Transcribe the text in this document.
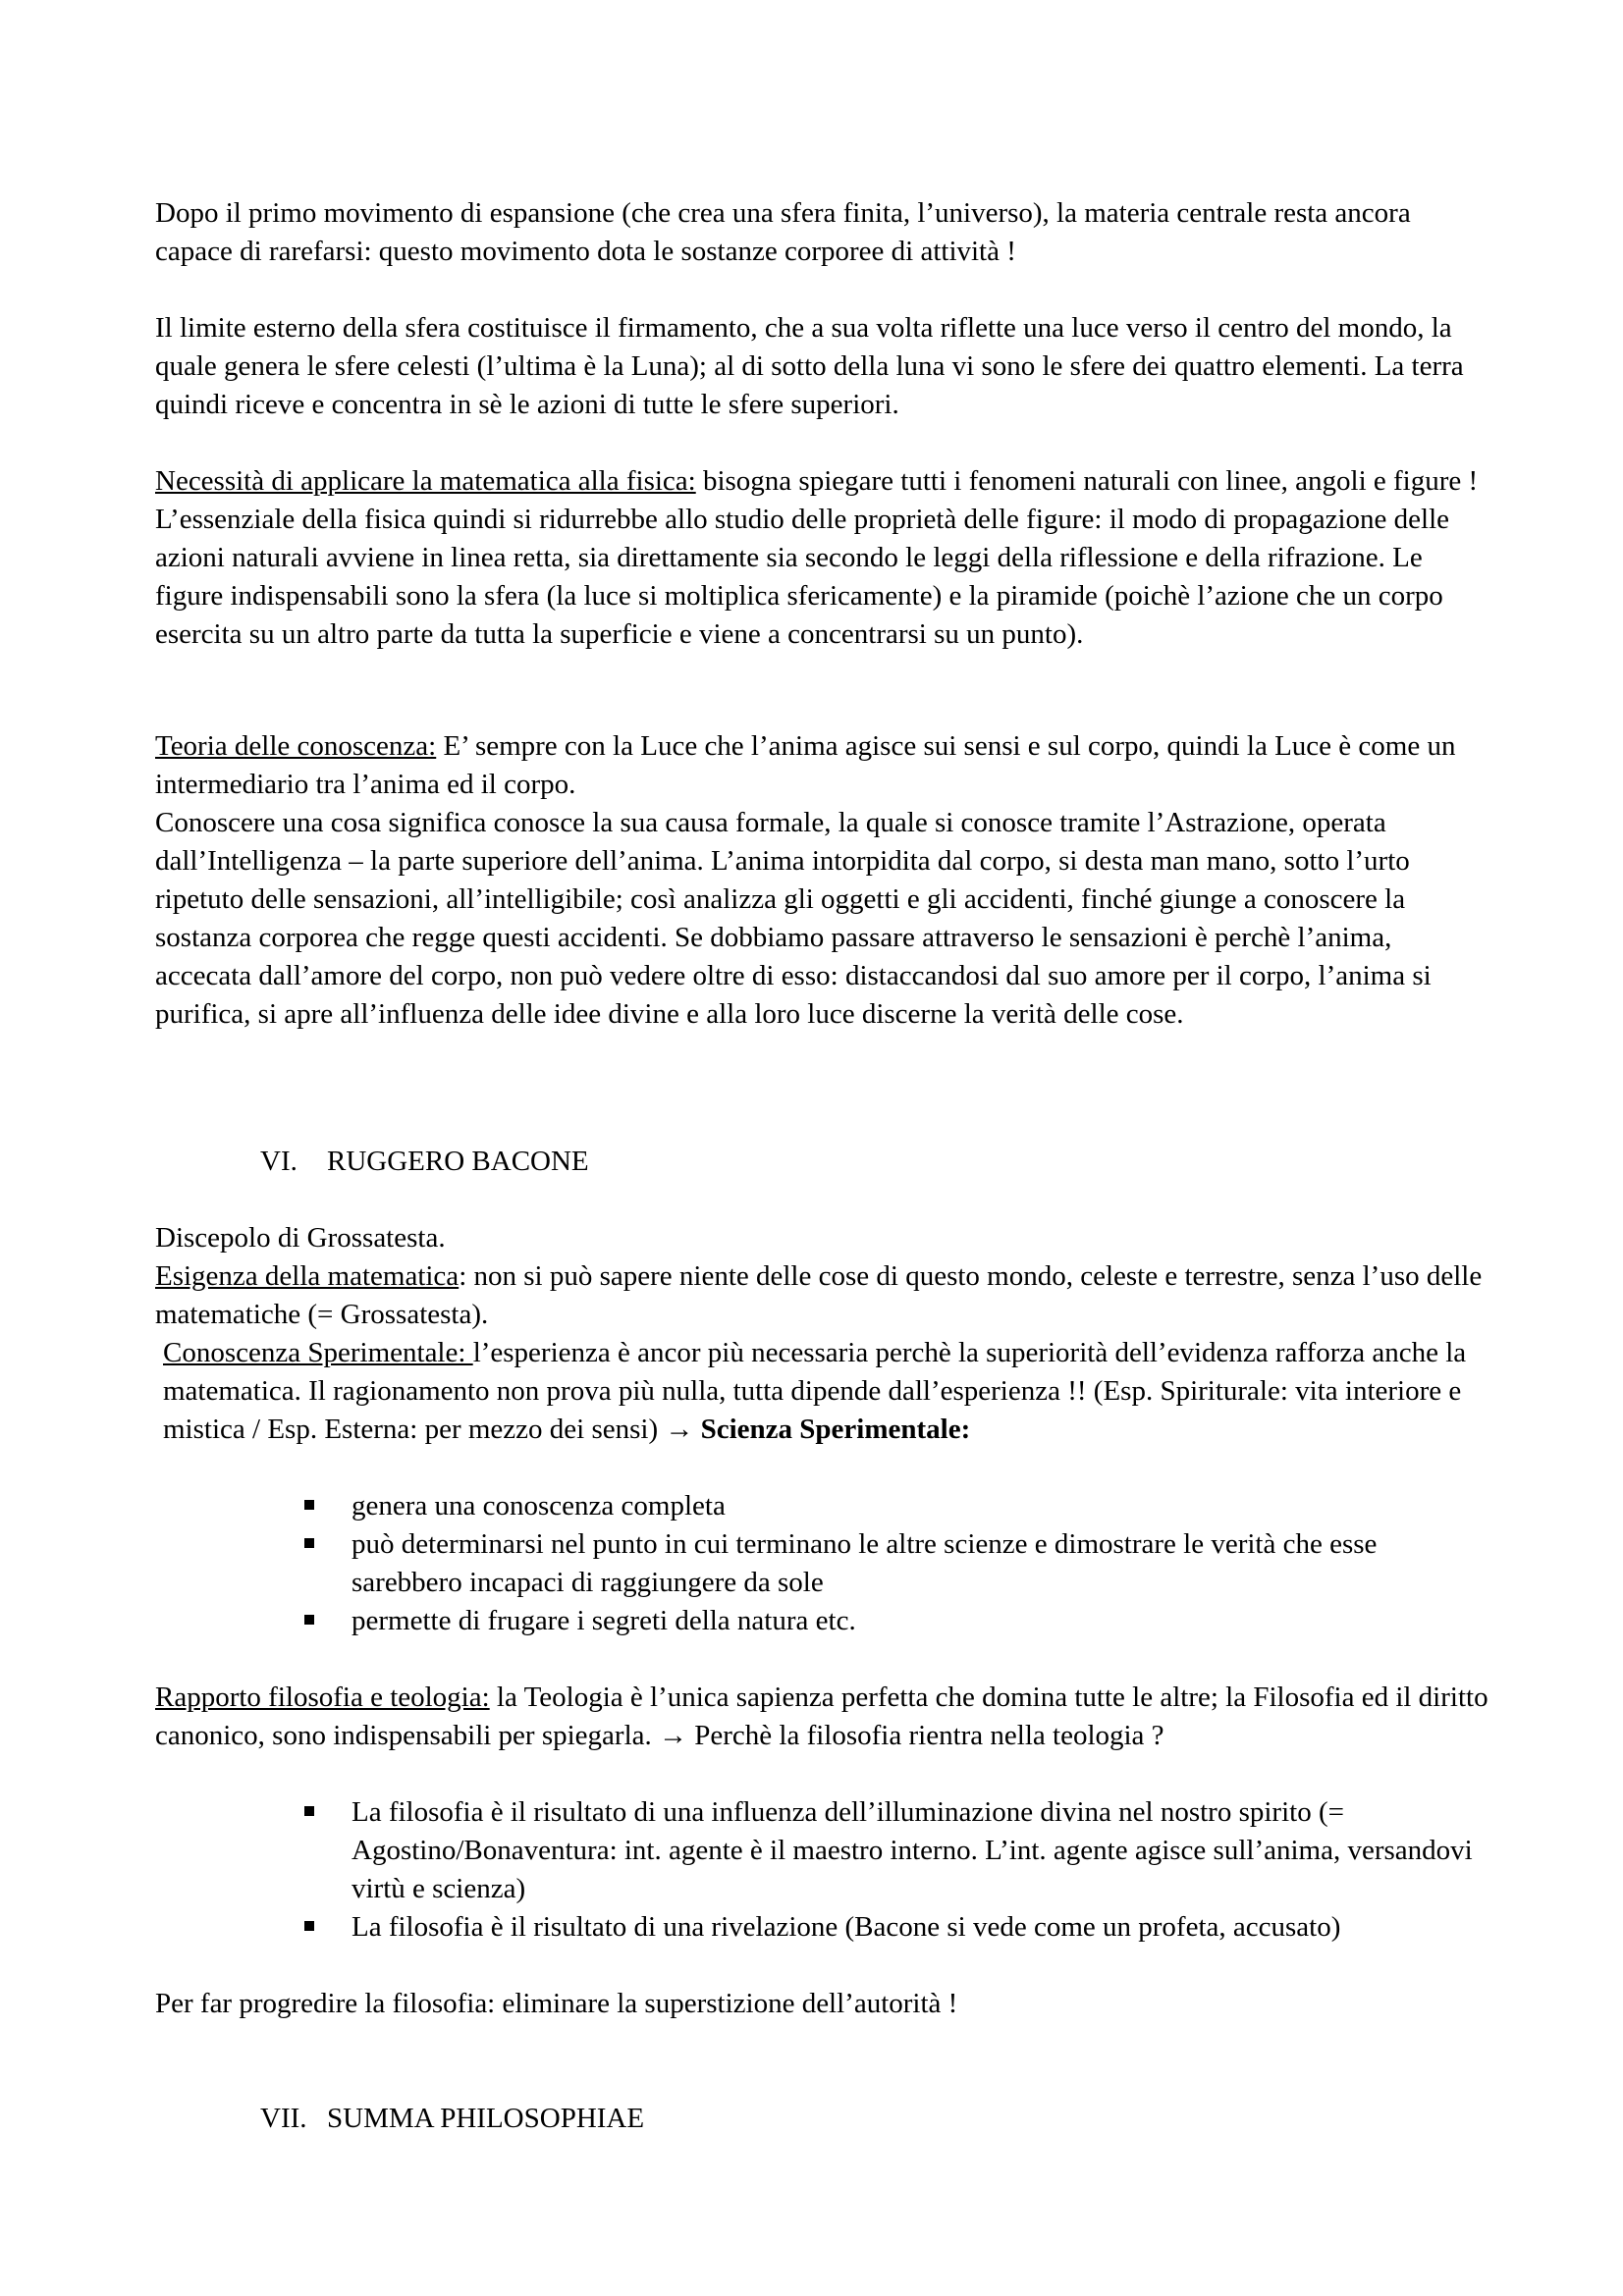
Dopo il primo movimento di espansione (che crea una sfera finita, l’universo), la materia centrale resta ancora capace di rarefarsi: questo movimento dota le sostanze corporee di attività !

Il limite esterno della sfera costituisce il firmamento, che a sua volta riflette una luce verso il centro del mondo, la quale genera le sfere celesti (l’ultima è la Luna); al di sotto della luna vi sono le sfere dei quattro elementi. La terra quindi riceve e concentra in sè le azioni di tutte le sfere superiori.

Necessità di applicare la matematica alla fisica: bisogna spiegare tutti i fenomeni naturali con linee, angoli e figure ! L’essenziale della fisica quindi si ridurrebbe allo studio delle proprietà delle figure: il modo di propagazione delle azioni naturali avviene in linea retta, sia direttamente sia secondo le leggi della riflessione e della rifrazione. Le figure indispensabili sono la sfera (la luce si moltiplica sfericamente) e la piramide (poichè l’azione che un corpo esercita su un altro parte da tutta la superficie e viene a concentrarsi su un punto).

Teoria delle conoscenza: E’ sempre con la Luce che l’anima agisce sui sensi e sul corpo, quindi la Luce è come un intermediario tra l’anima ed il corpo.

Conoscere una cosa significa conosce la sua causa formale, la quale si conosce tramite l’Astrazione, operata dall’Intelligenza – la parte superiore dell’anima. L’anima intorpidita dal corpo, si desta man mano, sotto l’urto ripetuto delle sensazioni, all’intelligibile; così analizza gli oggetti e gli accidenti, finché giunge a conoscere la sostanza corporea che regge questi accidenti. Se dobbiamo passare attraverso le sensazioni è perchè l’anima, accecata dall’amore del corpo, non può vedere oltre di esso: distaccandosi dal suo amore per il corpo, l’anima si purifica, si apre all’influenza delle idee divine e alla loro luce discerne la verità delle cose.

VI. RUGGERO BACONE

Discepolo di Grossatesta.

Esigenza della matematica: non si può sapere niente delle cose di questo mondo, celeste e terrestre, senza l’uso delle matematiche (= Grossatesta).

Conoscenza Sperimentale: l’esperienza è ancor più necessaria perchè la superiorità dell’evidenza rafforza anche la matematica. Il ragionamento non prova più nulla, tutta dipende dall’esperienza !! (Esp. Spiriturale: vita interiore e mistica / Esp. Esterna: per mezzo dei sensi) → Scienza Sperimentale:

genera una conoscenza completa
può determinarsi nel punto in cui terminano le altre scienze e dimostrare le verità che esse sarebbero incapaci di raggiungere da sole
permette di frugare i segreti della natura etc.

Rapporto filosofia e teologia: la Teologia è l’unica sapienza perfetta che domina tutte le altre; la Filosofia ed il diritto canonico, sono indispensabili per spiegarla. → Perchè la filosofia rientra nella teologia ?

La filosofia è il risultato di una influenza dell’illuminazione divina nel nostro spirito (= Agostino/Bonaventura: int. agente è il maestro interno. L’int. agente agisce sull’anima, versandovi virtù e scienza)
La filosofia è il risultato di una rivelazione (Bacone si vede come un profeta, accusato)

Per far progredire la filosofia: eliminare la superstizione dell’autorità !

VII. SUMMA PHILOSOPHIAE
